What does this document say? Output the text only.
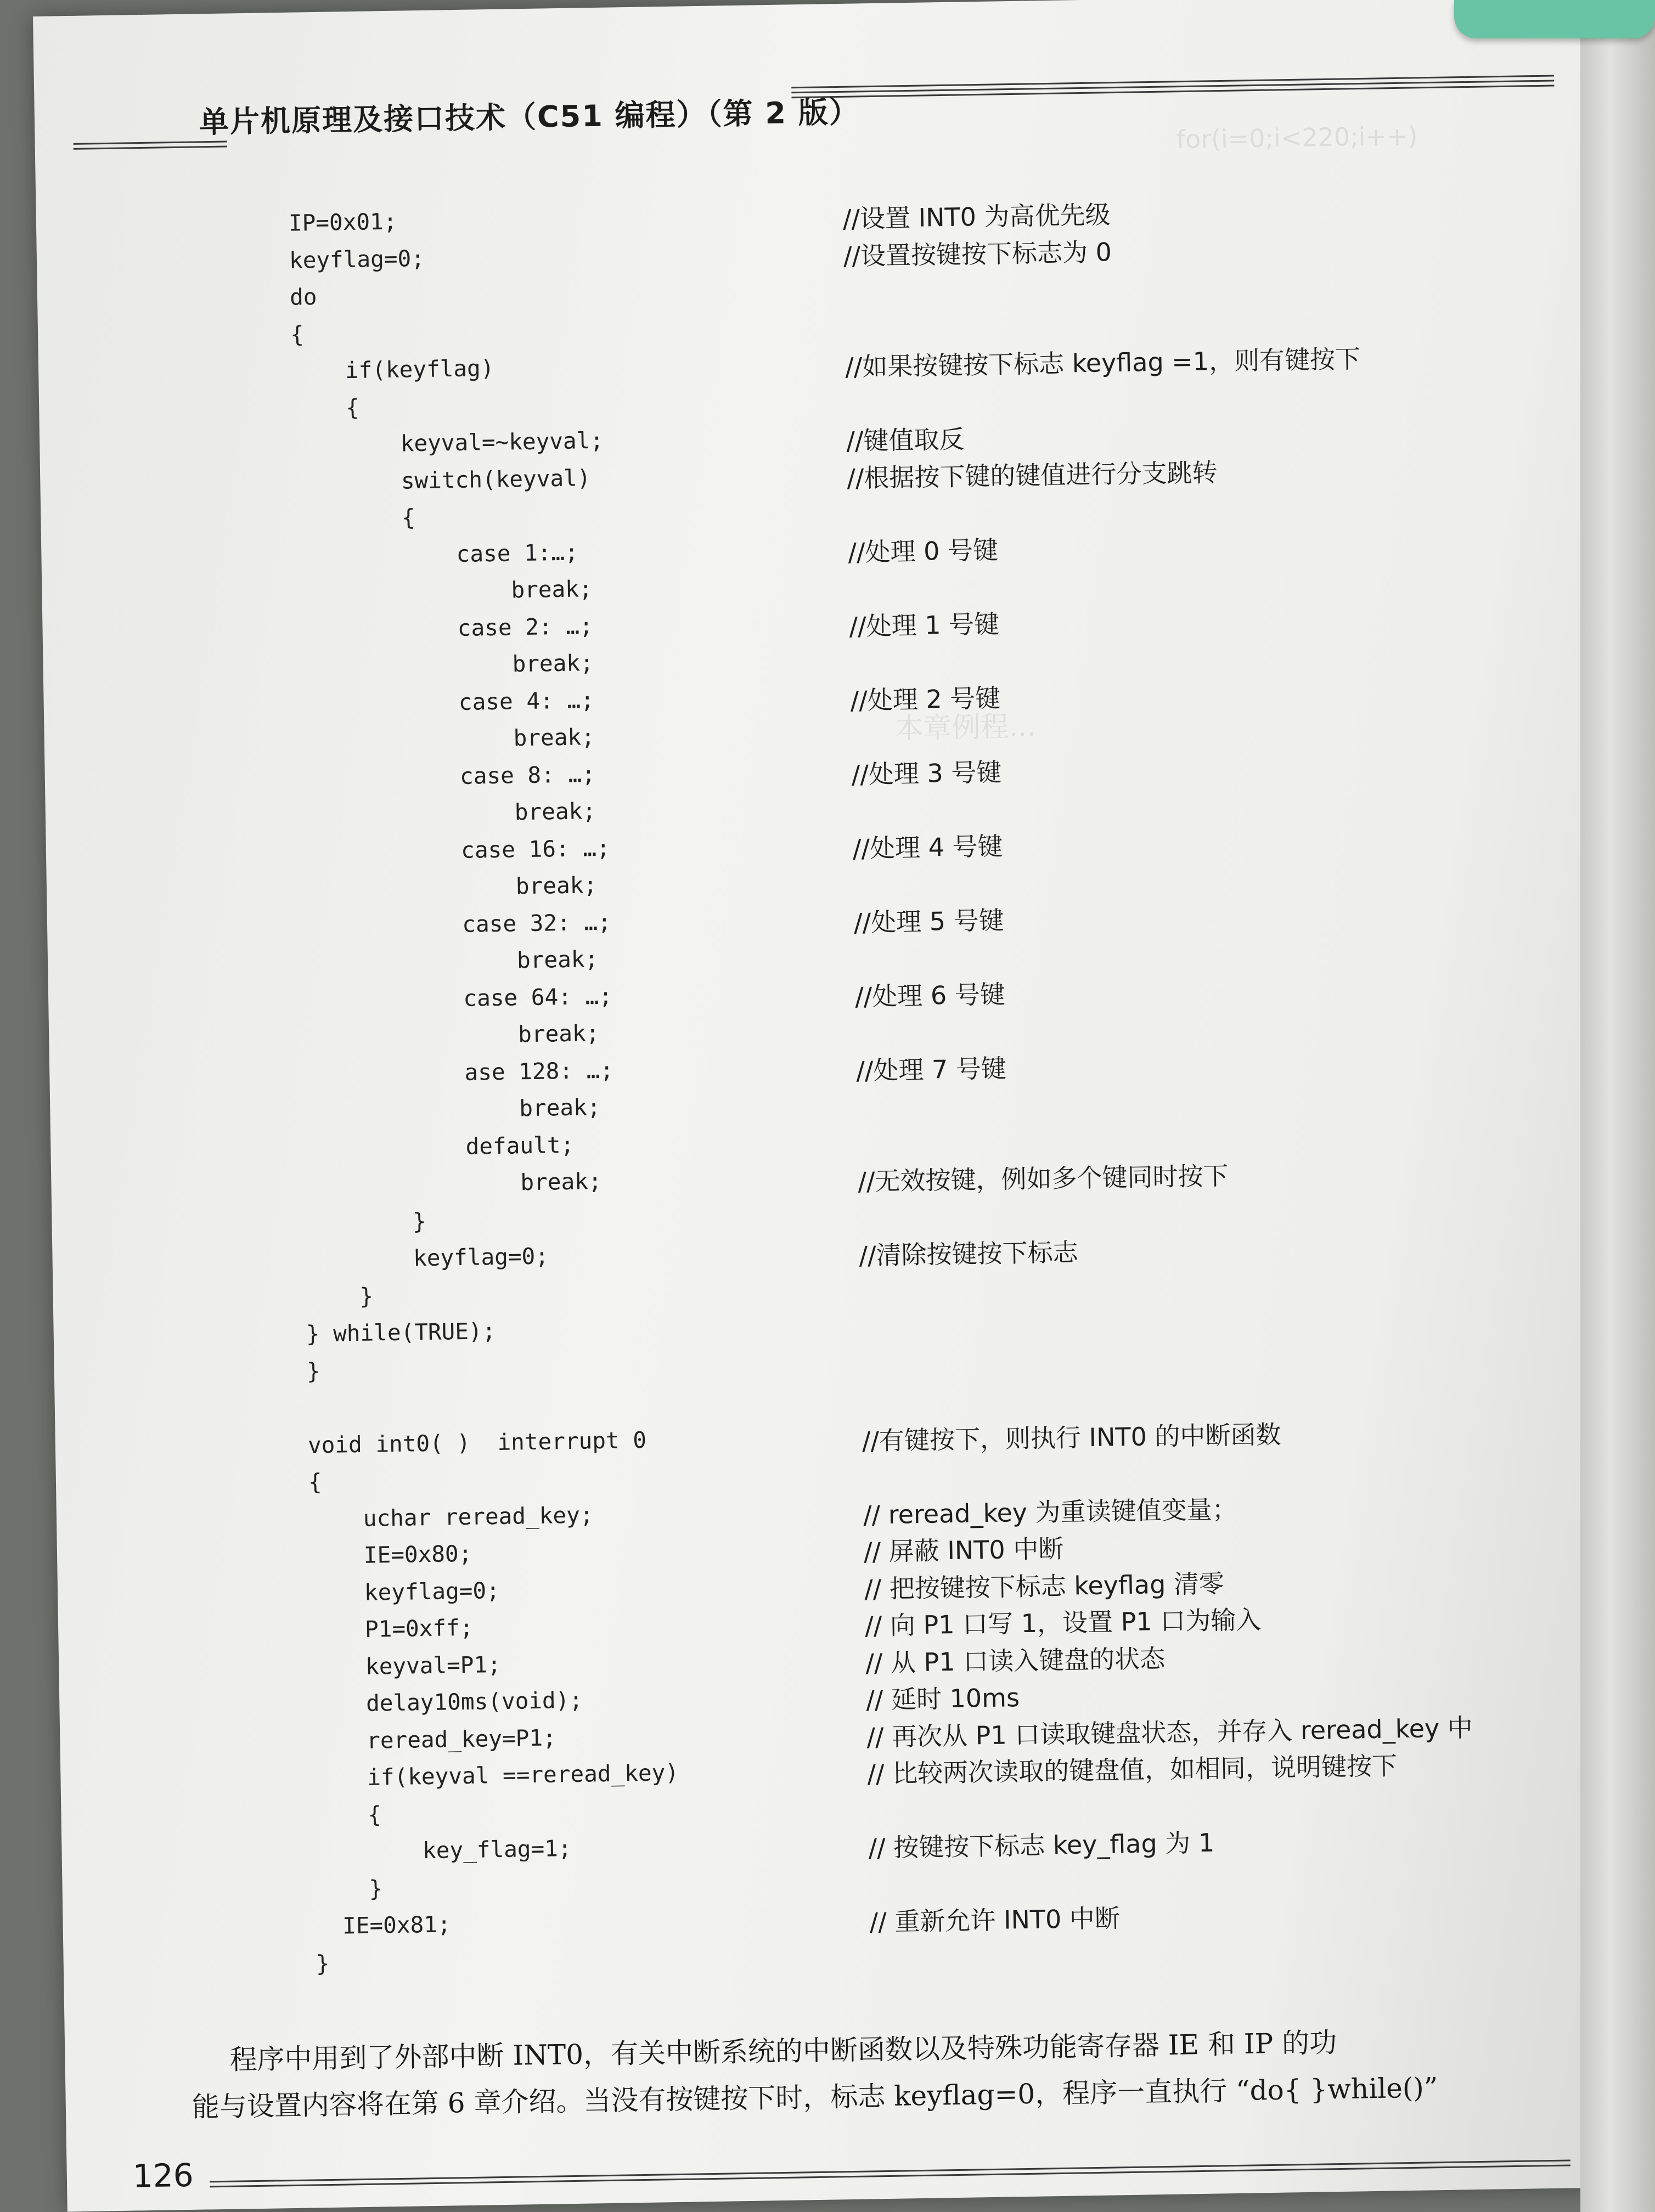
单片机原理及接口技术（C51 编程）（第 2 版）	for(i=0;i<220;i++)
本章例程...
IP=0x01;	//设置 INT0 为高优先级
keyflag=0;	//设置按键按下标志为 0
do
{
if(keyflag)	//如果按键按下标志 keyflag =1，则有键按下
{
keyval=~keyval;	//键值取反
switch(keyval)	//根据按下键的键值进行分支跳转
{
case 1:…;	//处理 0 号键
break;
case 2: …;	//处理 1 号键
break;
case 4: …;	//处理 2 号键
break;
case 8: …;	//处理 3 号键
break;
case 16: …;	//处理 4 号键
break;
case 32: …;	//处理 5 号键
break;
case 64: …;	//处理 6 号键
break;
ase 128: …;	//处理 7 号键
break;
default;
break;	//无效按键，例如多个键同时按下
}
keyflag=0;	//清除按键按下标志
}
} while(TRUE);
}
void int0( )  interrupt 0	//有键按下，则执行 INT0 的中断函数
{
uchar reread_key;	// reread_key 为重读键值变量；
IE=0x80;	// 屏蔽 INT0 中断
keyflag=0;	// 把按键按下标志 keyflag 清零
P1=0xff;	// 向 P1 口写 1，设置 P1 口为输入
keyval=P1;	// 从 P1 口读入键盘的状态
delay10ms(void);	// 延时 10ms
reread_key=P1;	// 再次从 P1 口读取键盘状态，并存入 reread_key 中
if(keyval ==reread_key)	// 比较两次读取的键盘值，如相同，说明键按下
{
key_flag=1;	// 按键按下标志 key_flag 为 1
}
IE=0x81;	// 重新允许 INT0 中断
}
程序中用到了外部中断 INT0，有关中断系统的中断函数以及特殊功能寄存器 IE 和 IP 的功
能与设置内容将在第 6 章介绍。当没有按键按下时，标志 keyflag=0，程序一直执行 “do{ }while()”
126
